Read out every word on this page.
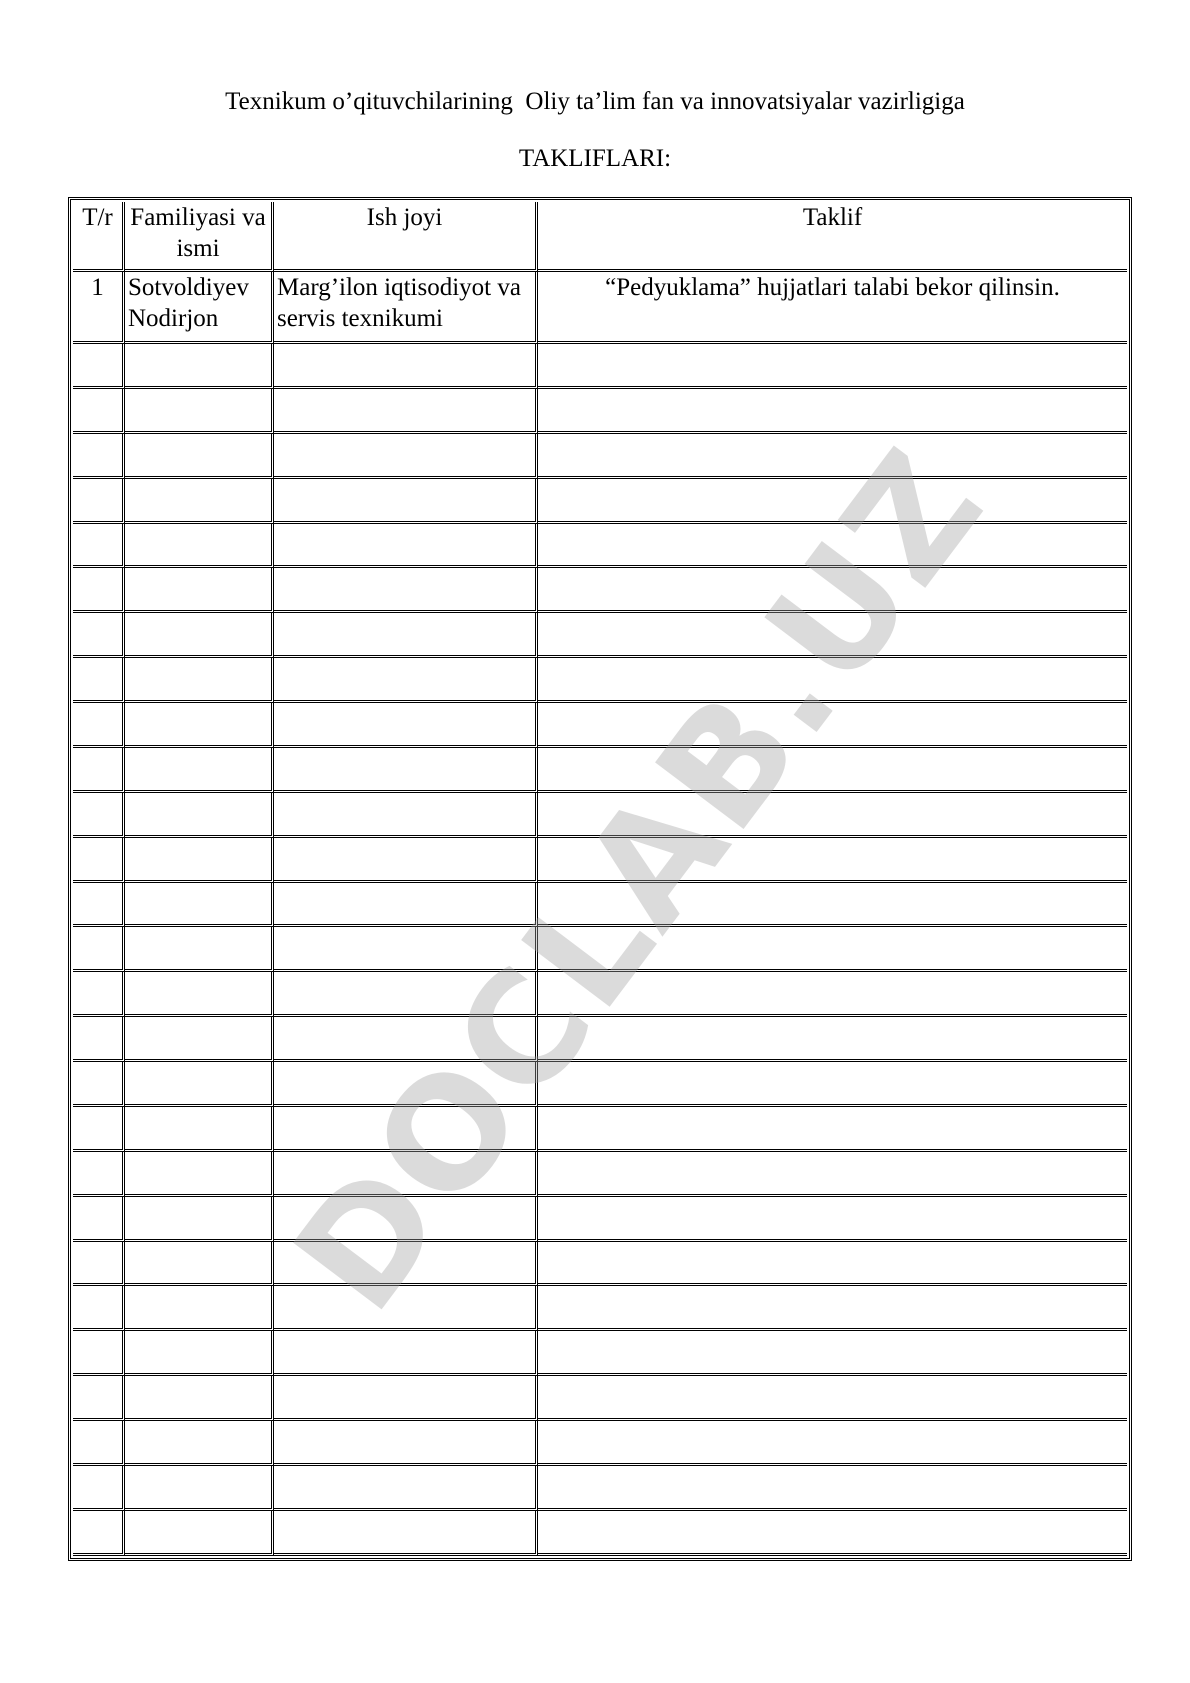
Texnikum o’qituvchilarining  Oliy ta’lim fan va innovatsiyalar vazirligiga
TAKLIFLARI:
T/r	Familiyasi va ismi	Ish joyi	Taklif
1	Sotvoldiyev Nodirjon	Marg’ilon iqtisodiyot va servis texnikumi	“Pedyuklama” hujjatlari talabi bekor qilinsin.

DOCLAB.UZ
